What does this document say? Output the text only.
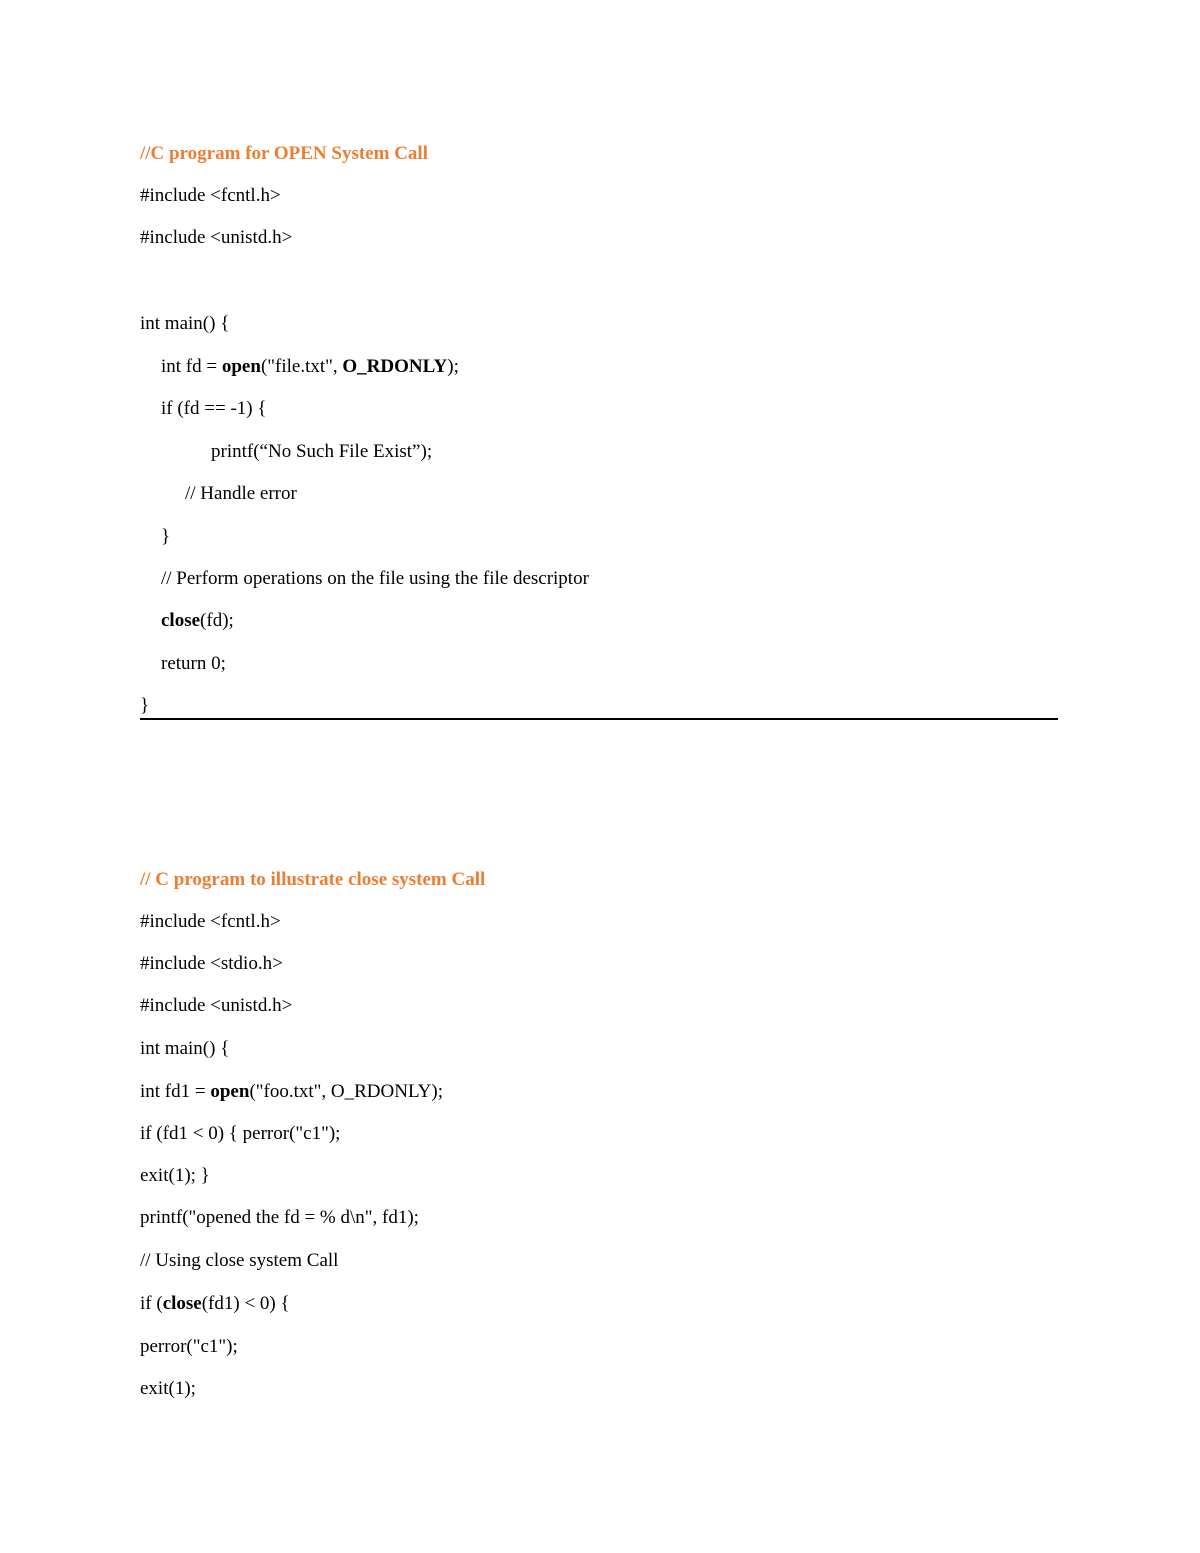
//C program for OPEN System Call
#include <fcntl.h>
#include <unistd.h>
int main() {
int fd = open("file.txt", O_RDONLY);
if (fd == -1) {
printf(“No Such File Exist”);
// Handle error
}
// Perform operations on the file using the file descriptor
close(fd);
return 0;
}
// C program to illustrate close system Call
#include <fcntl.h>
#include <stdio.h>
#include <unistd.h>
int main() {
int fd1 = open("foo.txt", O_RDONLY);
if (fd1 < 0) { perror("c1");
exit(1); }
printf("opened the fd = % d\n", fd1);
// Using close system Call
if (close(fd1) < 0) {
perror("c1");
exit(1);
